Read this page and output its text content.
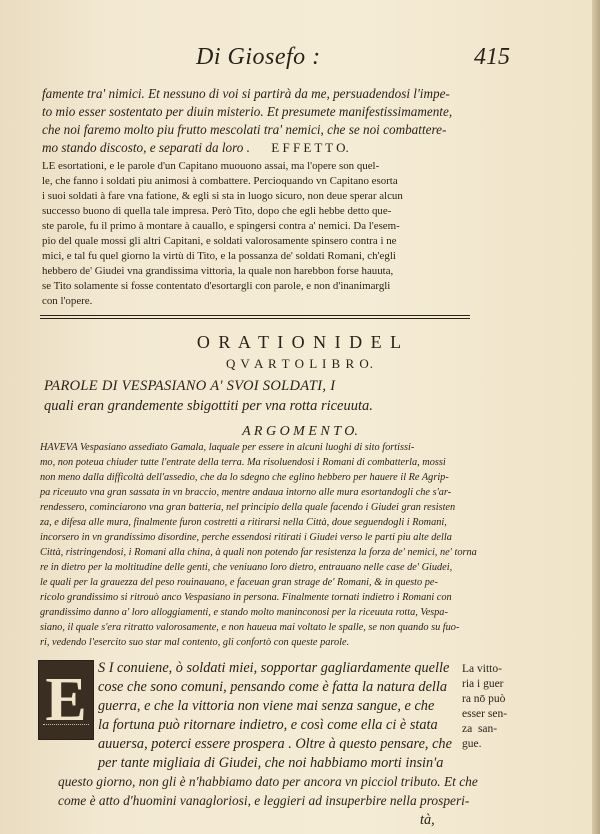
Di Giosefo :	415
famente tra' nimici. Et nessuno di voi si partirà da me, persuadendosi l'impe-
to mio esser sostentato per diuin misterio. Et presumete manifestissimamente,
che noi faremo molto piu frutto mescolati tra' nemici, che se noi combattere-
mo stando discosto, e separati da loro .	E F F E T T O.
LE esortationi, e le parole d'un Capitano muouono assai, ma l'opere son quel-
le, che fanno i soldati piu animosi à combattere. Percioquando vn Capitano esorta
i suoi soldati à fare vna fatione, & egli si sta in luogo sicuro, non deue sperar alcun
successo buono di quella tale impresa. Però Tito, dopo che egli hebbe detto que-
ste parole, fu il primo à montare à cauallo, e spingersi contra a' nemici. Da l'esem-
pio del quale mossi gli altri Capitani, e soldati valorosamente spinsero contra i ne
mici, e tal fu quel giorno la virtù di Tito, e la possanza de' soldati Romani, ch'egli
hebbero de' Giudei vna grandissima vittoria, la quale non harebbon forse hauuta,
se Tito solamente si fosse contentato d'esortargli con parole, e non d'inanimargli
con l'opere.
O R A T I O N I D E L
Q V A R T O L I B R O.
PAROLE DI VESPASIANO A' SVOI SOLDATI, I
quali eran grandemente sbigottiti per vna rotta riceuuta.
A R G O M E N T O.
HAVEVA Vespasiano assediato Gamala, laquale per essere in alcuni luoghi di sito fortissi-
mo, non poteua chiuder tutte l'entrate della terra. Ma risoluendosi i Romani di combatterla, mossi
non meno dalla difficoltà dell'assedio, che da lo sdegno che eglino hebbero per hauere il Re Agrip-
pa riceuuto vna gran sassata in vn braccio, mentre andaua intorno alle mura esortandogli che s'ar-
rendessero, cominciarono vna gran batteria, nel principio della quale facendo i Giudei gran resisten
za, e difesa alle mura, finalmente furon costretti a ritirarsi nella Città, doue seguendogli i Romani,
incorsero in vn grandissimo disordine, perche essendosi ritirati i Giudei verso le parti piu alte della
Città, ristringendosi, i Romani alla china, à quali non potendo far resistenza la forza de' nemici, ne' torna
re in dietro per la moltitudine delle genti, che veniuano loro dietro, entrauano nelle case de' Giudei,
le quali per la grauezza del peso rouinauano, e faceuan gran strage de' Romani, & in questo pe-
ricolo grandissimo si ritrouò anco Vespasiano in persona. Finalmente tornati indietro i Romani con
grandissimo danno a' loro alloggiamenti, e stando molto maninconosi per la riceuuta rotta, Vespa-
siano, il quale s'era ritratto valorosamente, e non haueua mai voltato le spalle, se non quando su fuo-
ri, vedendo l'esercito suo star mal contento, gli confortò con queste parole.
E S I conuiene, ò soldati miei, sopportar gagliardamente quelle
cose che sono comuni, pensando come è fatta la natura della
guerra, e che la vittoria non viene mai senza sangue, e che
la fortuna può ritornare indietro, e così come ella ci è stata
auuersa, poterci essere prospera . Oltre à questo pensare, che
per tante migliaia di Giudei, che noi habbiamo morti insin'a
questo giorno, non gli è n'habbiamo dato per ancora vn picciol tributo. Et che
come è atto d'huomini vanagloriosi, e leggieri ad insuperbire nella prosperi-
tà,
La vitto-
ria i guer
ra nō può
esser sen-
za  san-
gue.
